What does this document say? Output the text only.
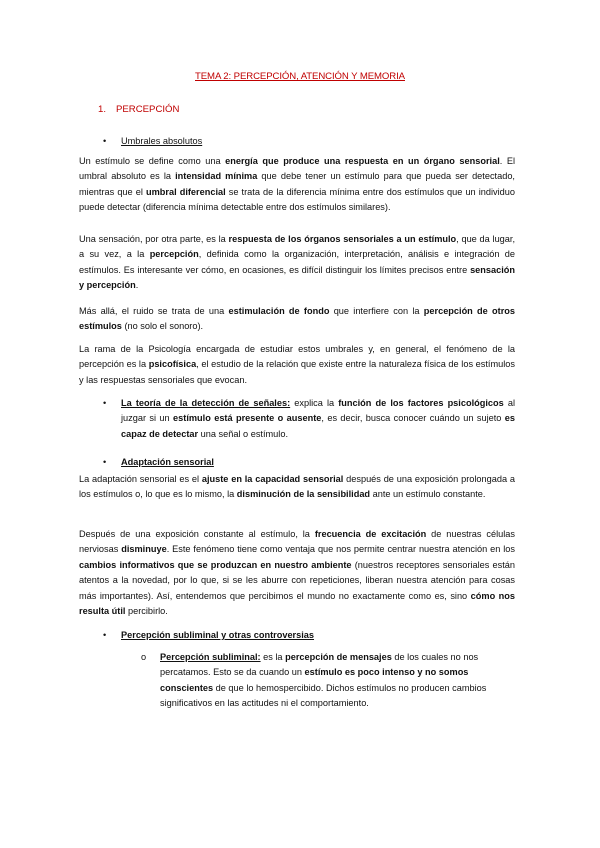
TEMA 2: PERCEPCIÓN, ATENCIÓN Y MEMORIA
1. PERCEPCIÓN
• Umbrales absolutos
Un estímulo se define como una energía que produce una respuesta en un órgano sensorial. El umbral absoluto es la intensidad mínima que debe tener un estímulo para que pueda ser detectado, mientras que el umbral diferencial se trata de la diferencia mínima entre dos estímulos que un individuo puede detectar (diferencia mínima detectable entre dos estímulos similares).
Una sensación, por otra parte, es la respuesta de los órganos sensoriales a un estímulo, que da lugar, a su vez, a la percepción, definida como la organización, interpretación, análisis e integración de estímulos. Es interesante ver cómo, en ocasiones, es difícil distinguir los límites precisos entre sensación y percepción.
Más allá, el ruido se trata de una estimulación de fondo que interfiere con la percepción de otros estímulos (no solo el sonoro).
La rama de la Psicología encargada de estudiar estos umbrales y, en general, el fenómeno de la percepción es la psicofísica, el estudio de la relación que existe entre la naturaleza física de los estímulos y las respuestas sensoriales que evocan.
• La teoría de la detección de señales: explica la función de los factores psicológicos al juzgar si un estímulo está presente o ausente, es decir, busca conocer cuándo un sujeto es capaz de detectar una señal o estímulo.
• Adaptación sensorial
La adaptación sensorial es el ajuste en la capacidad sensorial después de una exposición prolongada a los estímulos o, lo que es lo mismo, la disminución de la sensibilidad ante un estímulo constante.
Después de una exposición constante al estímulo, la frecuencia de excitación de nuestras células nerviosas disminuye. Este fenómeno tiene como ventaja que nos permite centrar nuestra atención en los cambios informativos que se produzcan en nuestro ambiente (nuestros receptores sensoriales están atentos a la novedad, por lo que, si se les aburre con repeticiones, liberan nuestra atención para cosas más importantes). Así, entendemos que percibimos el mundo no exactamente como es, sino cómo nos resulta útil percibirlo.
• Percepción subliminal y otras controversias
o Percepción subliminal: es la percepción de mensajes de los cuales no nos percatamos. Esto se da cuando un estímulo es poco intenso y no somos conscientes de que lo hemospercibido. Dichos estímulos no producen cambios significativos en las actitudes ni el comportamiento.
